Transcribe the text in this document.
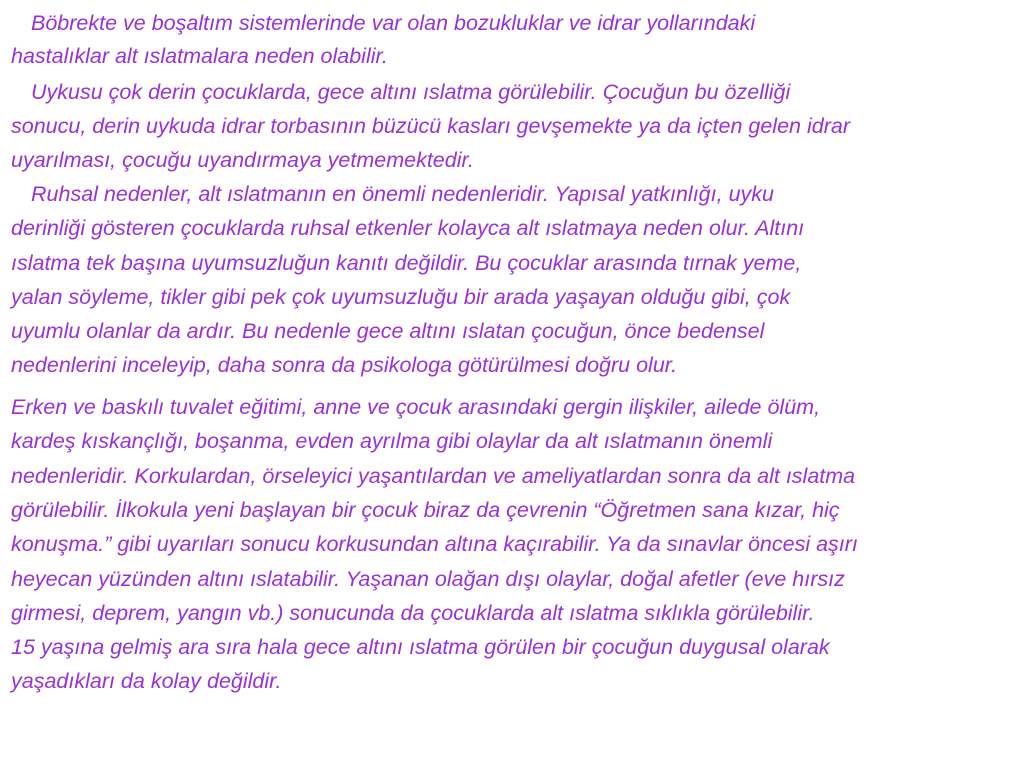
Böbrekte ve boşaltım sistemlerinde var olan bozukluklar ve idrar yollarındaki

hastalıklar alt ıslatmalara neden olabilir.

Uykusu çok derin çocuklarda, gece altını ıslatma görülebilir. Çocuğun bu özelliği

sonucu, derin uykuda idrar torbasının büzücü kasları gevşemekte ya da içten gelen idrar

uyarılması, çocuğu uyandırmaya yetmemektedir.

Ruhsal nedenler, alt ıslatmanın en önemli nedenleridir. Yapısal yatkınlığı, uyku

derinliği gösteren çocuklarda ruhsal etkenler kolayca alt ıslatmaya neden olur. Altını

ıslatma tek başına uyumsuzluğun kanıtı değildir. Bu çocuklar arasında tırnak yeme,

yalan söyleme, tikler gibi pek çok uyumsuzluğu bir arada yaşayan olduğu gibi, çok

uyumlu olanlar da ardır. Bu nedenle gece altını ıslatan çocuğun, önce bedensel

nedenlerini inceleyip, daha sonra da psikologa götürülmesi doğru olur.

Erken ve baskılı tuvalet eğitimi, anne ve çocuk arasındaki gergin ilişkiler, ailede ölüm,

kardeş kıskançlığı, boşanma, evden ayrılma gibi olaylar da alt ıslatmanın önemli

nedenleridir. Korkulardan, örseleyici yaşantılardan ve ameliyatlardan sonra da alt ıslatma

görülebilir. İlkokula yeni başlayan bir çocuk biraz da çevrenin “Öğretmen sana kızar, hiç

konuşma.” gibi uyarıları sonucu korkusundan altına kaçırabilir. Ya da sınavlar öncesi aşırı

heyecan yüzünden altını ıslatabilir. Yaşanan olağan dışı olaylar, doğal afetler (eve hırsız

girmesi, deprem, yangın vb.) sonucunda da çocuklarda alt ıslatma sıklıkla görülebilir.

15 yaşına gelmiş ara sıra hala gece altını ıslatma görülen bir çocuğun duygusal olarak

yaşadıkları da kolay değildir.
